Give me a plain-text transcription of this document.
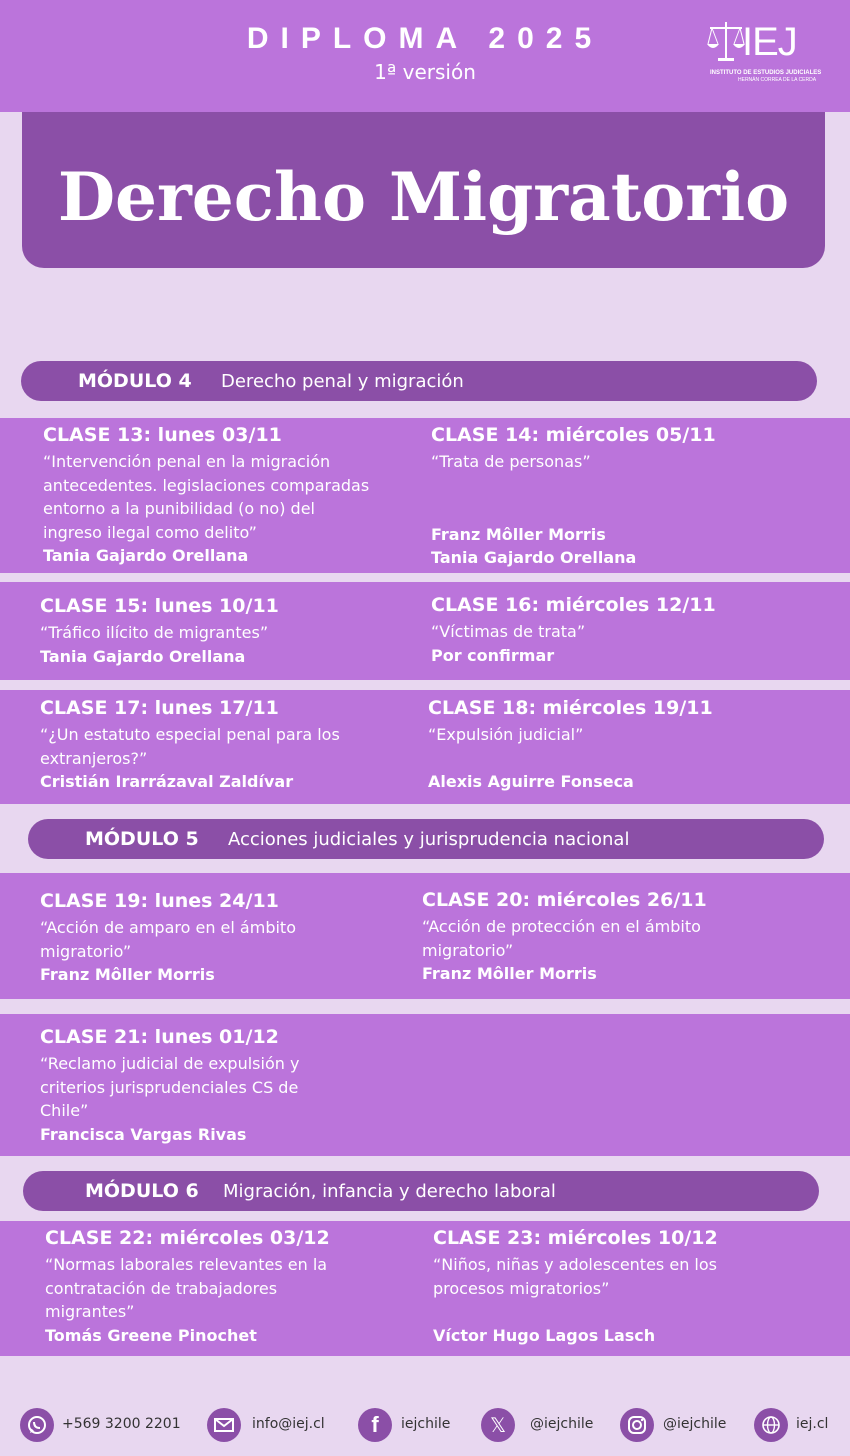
DIPLOMA 2025
1ª versión
IEJ
INSTITUTO DE ESTUDIOS JUDICIALES
HERNÁN CORREA DE LA CERDA
Derecho Migratorio
MÓDULO 4 Derecho penal y migración
CLASE 13: lunes 03/11
“Intervención penal en la migración antecedentes. legislaciones comparadas entorno a la punibilidad (o no) del ingreso ilegal como delito”
Tania Gajardo Orellana
CLASE 14: miércoles 05/11
“Trata de personas”
Franz Môller Morris
Tania Gajardo Orellana
CLASE 15: lunes 10/11
“Tráfico ilícito de migrantes”
Tania Gajardo Orellana
CLASE 16: miércoles 12/11
“Víctimas de trata”
Por confirmar
CLASE 17: lunes 17/11
“¿Un estatuto especial penal para los extranjeros?”
Cristián Irarrázaval Zaldívar
CLASE 18: miércoles 19/11
“Expulsión judicial”
Alexis Aguirre Fonseca
MÓDULO 5 Acciones judiciales y jurisprudencia nacional
CLASE 19: lunes 24/11
“Acción de amparo en el ámbito migratorio”
Franz Môller Morris
CLASE 20: miércoles 26/11
“Acción de protección en el ámbito migratorio”
Franz Môller Morris
CLASE 21: lunes 01/12
“Reclamo judicial de expulsión y criterios jurisprudenciales CS de Chile”
Francisca Vargas Rivas
MÓDULO 6 Migración, infancia y derecho laboral
CLASE 22: miércoles 03/12
“Normas laborales relevantes en la contratación de trabajadores migrantes”
Tomás Greene Pinochet
CLASE 23: miércoles 10/12
“Niños, niñas y adolescentes en los procesos migratorios”
Víctor Hugo Lagos Lasch
+569 3200 2201	info@iej.cl f iejchile 𝕏 @iejchile	@iejchile	iej.cl
